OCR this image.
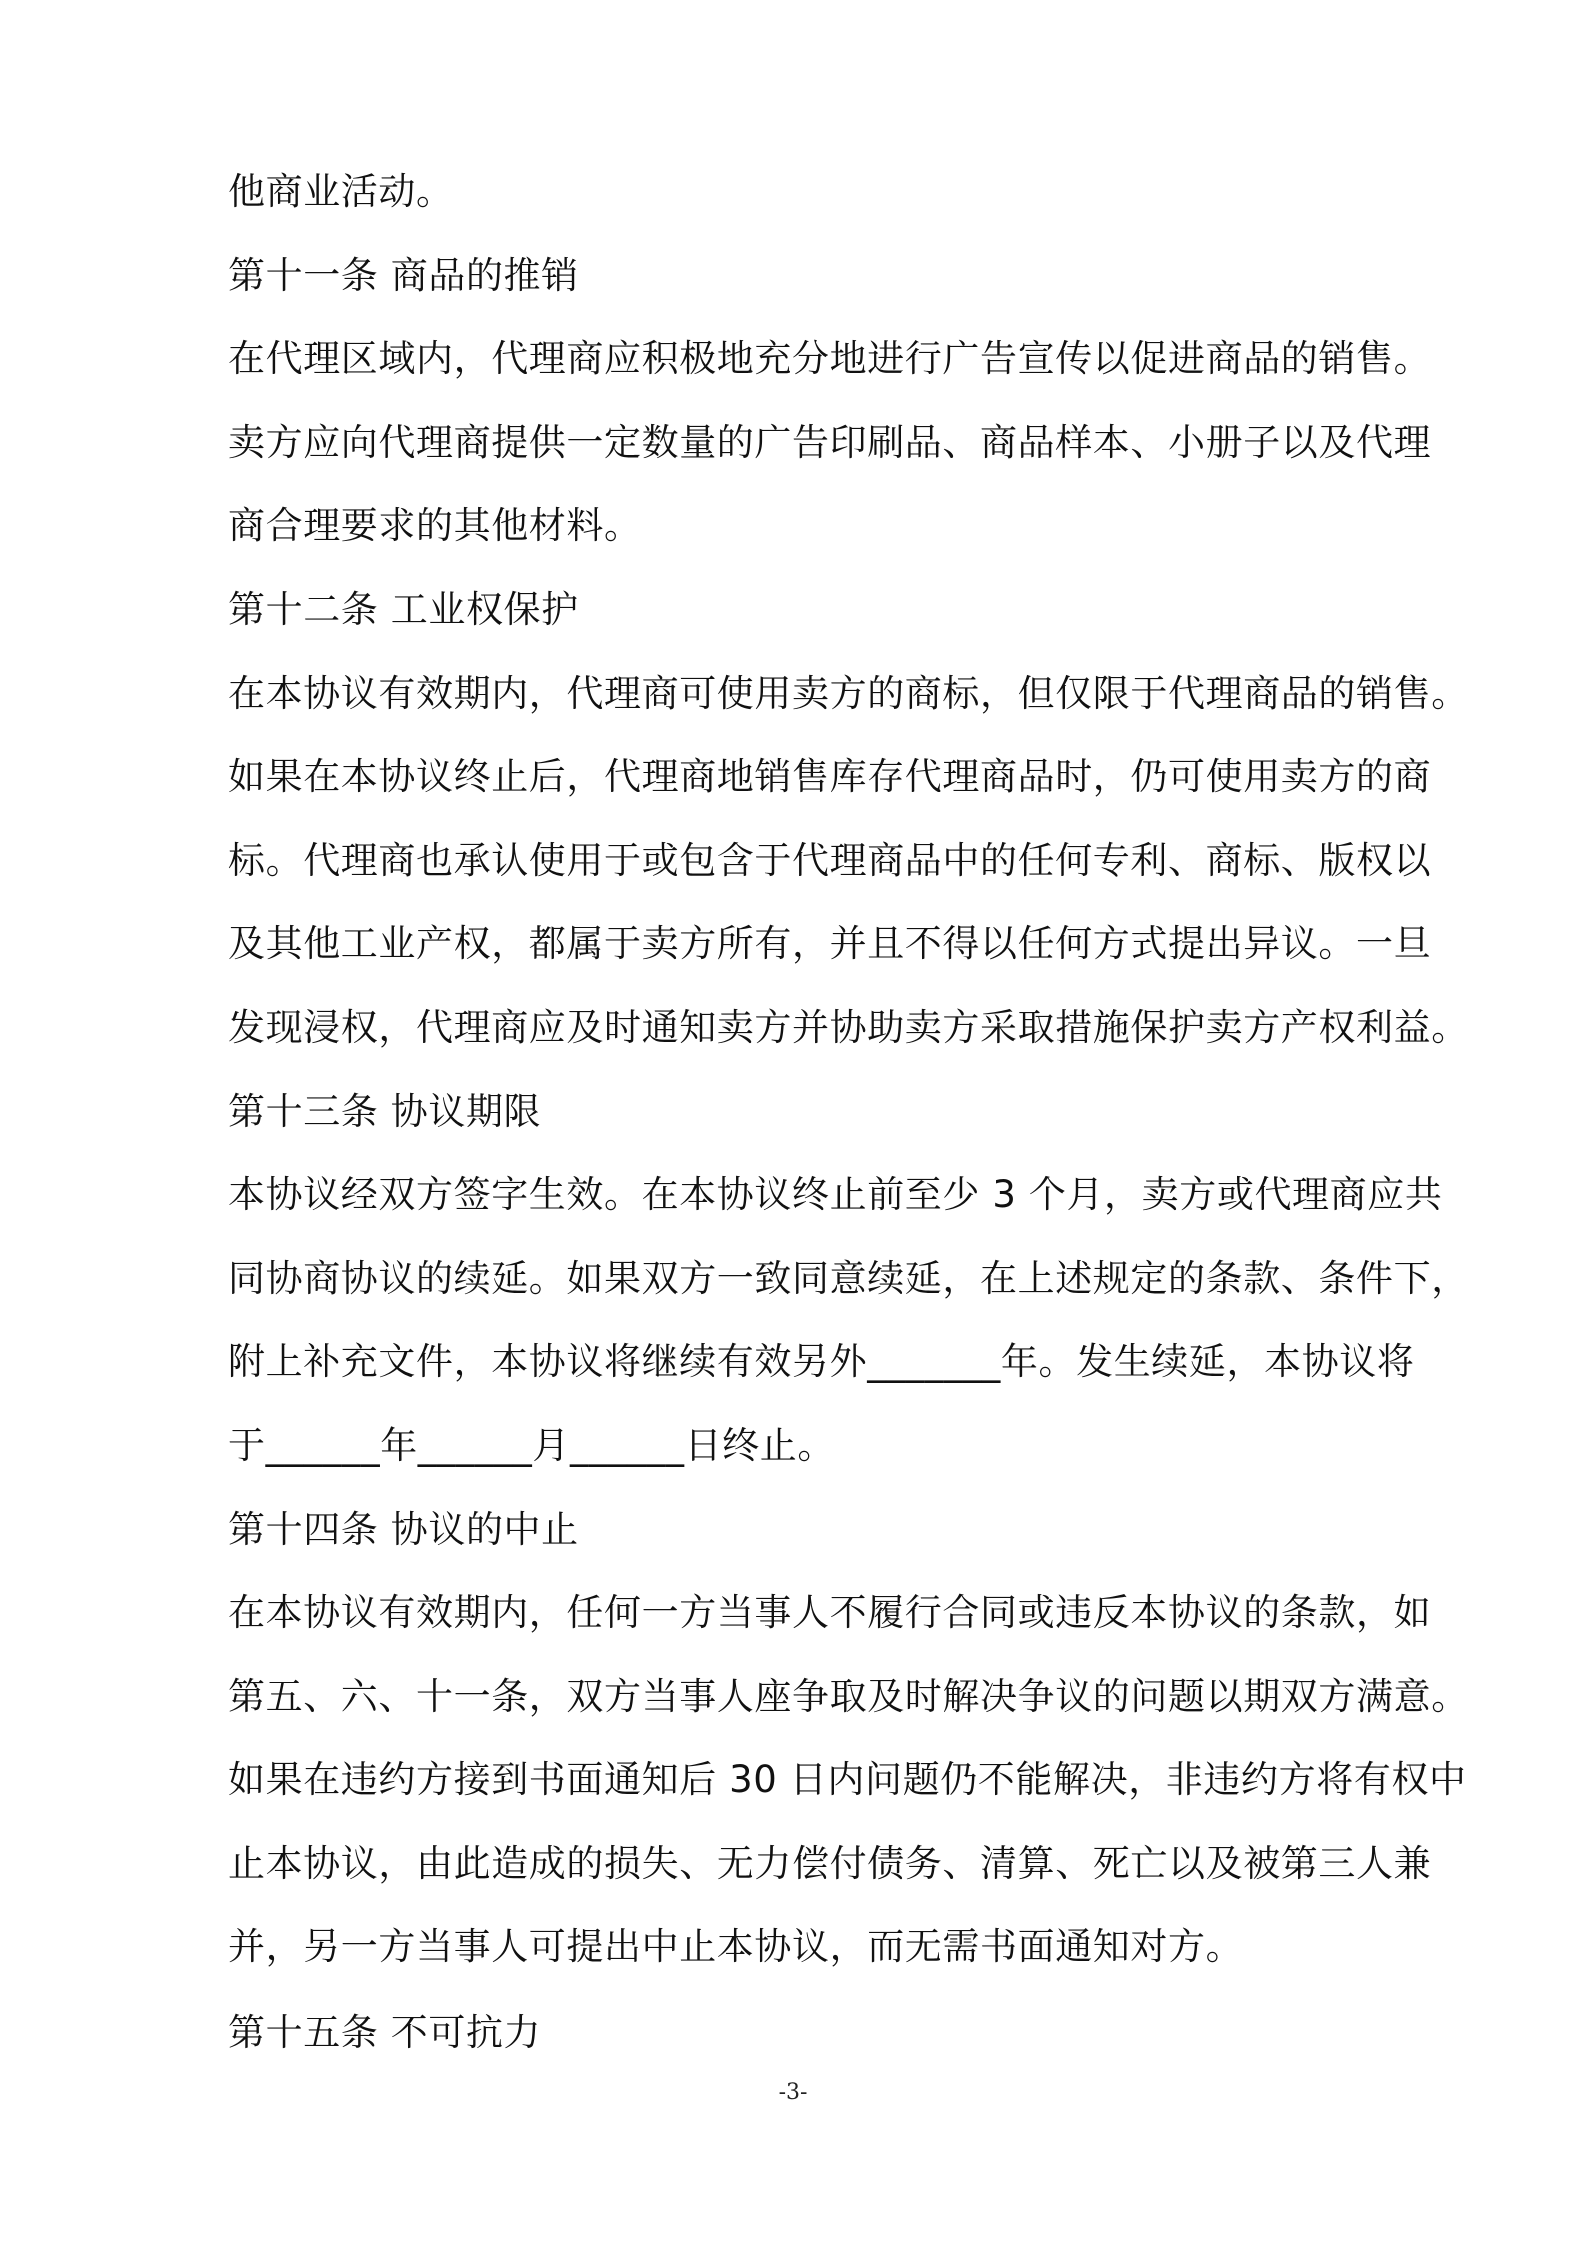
他商业活动。
第十一条 商品的推销
在代理区域内，代理商应积极地充分地进行广告宣传以促进商品的销售。
卖方应向代理商提供一定数量的广告印刷品、商品样本、小册子以及代理
商合理要求的其他材料。
第十二条 工业权保护
在本协议有效期内，代理商可使用卖方的商标，但仅限于代理商品的销售。
如果在本协议终止后，代理商地销售库存代理商品时，仍可使用卖方的商
标。代理商也承认使用于或包含于代理商品中的任何专利、商标、版权以
及其他工业产权，都属于卖方所有，并且不得以任何方式提出异议。一旦
发现浸权，代理商应及时通知卖方并协助卖方采取措施保护卖方产权利益。
第十三条 协议期限
本协议经双方签字生效。在本协议终止前至少 3 个月，卖方或代理商应共
同协商协议的续延。如果双方一致同意续延，在上述规定的条款、条件下，
附上补充文件，本协议将继续有效另外_______年。发生续延，本协议将
于______年______月______日终止。
第十四条 协议的中止
在本协议有效期内，任何一方当事人不履行合同或违反本协议的条款，如
第五、六、十一条，双方当事人座争取及时解决争议的问题以期双方满意。
如果在违约方接到书面通知后 30 日内问题仍不能解决，非违约方将有权中
止本协议，由此造成的损失、无力偿付债务、清算、死亡以及被第三人兼
并，另一方当事人可提出中止本协议，而无需书面通知对方。
第十五条 不可抗力
-3-
